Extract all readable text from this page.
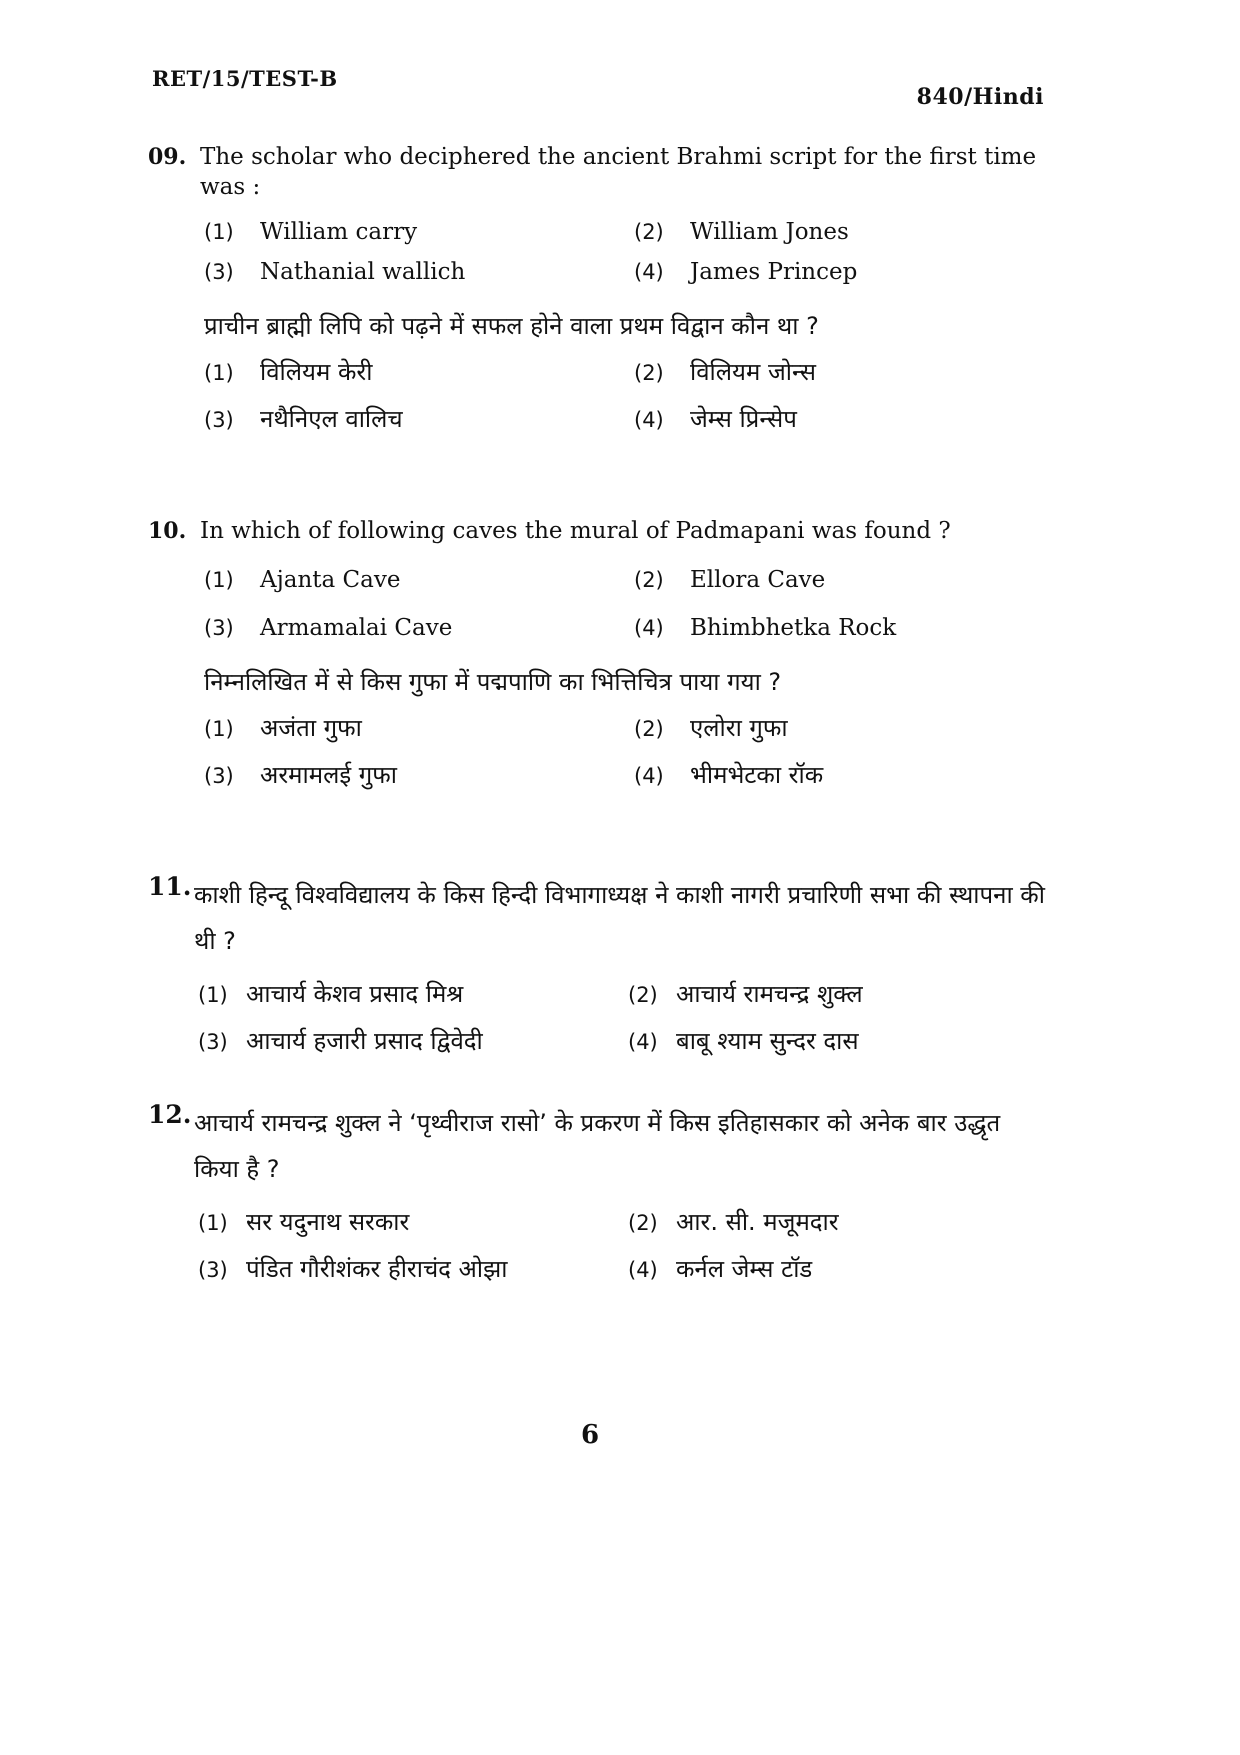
RET/15/TEST-B
840/Hindi
09. The scholar who deciphered the ancient Brahmi script for the first time was :
(1)	William carry	(2)	William Jones
(3)	Nathanial wallich	(4)	James Princep
प्राचीन ब्राह्मी लिपि को पढ़ने में सफल होने वाला प्रथम विद्वान कौन था ?
(1)	विलियम केरी	(2)	विलियम जोन्स
(3)	नथैनिएल वालिच	(4)	जेम्स प्रिन्सेप
10. In which of following caves the mural of Padmapani was found ?
(1)	Ajanta Cave	(2)	Ellora Cave
(3)	Armamalai Cave	(4)	Bhimbhetka Rock
निम्नलिखित में से किस गुफा में पद्मपाणि का भित्तिचित्र पाया गया ?
(1)	अजंता गुफा	(2)	एलोरा गुफा
(3)	अरमामलई गुफा	(4)	भीमभेटका रॉक
11. काशी हिन्दू विश्वविद्यालय के किस हिन्दी विभागाध्यक्ष ने काशी नागरी प्रचारिणी सभा की स्थापना की थी ?
(1) आचार्य केशव प्रसाद मिश्र	(2) आचार्य रामचन्द्र शुक्ल
(3) आचार्य हजारी प्रसाद द्विवेदी	(4) बाबू श्याम सुन्दर दास
12. आचार्य रामचन्द्र शुक्ल ने ‘पृथ्वीराज रासो’ के प्रकरण में किस इतिहासकार को अनेक बार उद्धृत किया है ?
(1) सर यदुनाथ सरकार	(2) आर. सी. मजूमदार
(3) पंडित गौरीशंकर हीराचंद ओझा	(4) कर्नल जेम्स टॉड
6
